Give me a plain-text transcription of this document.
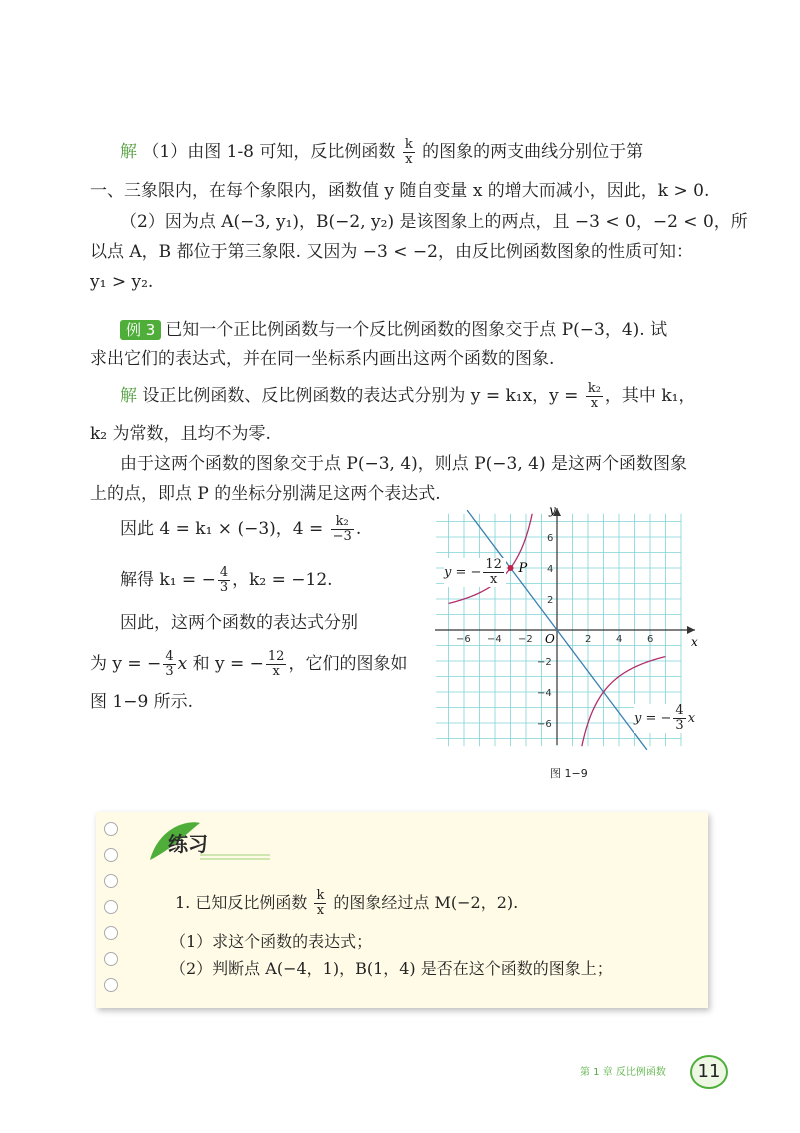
解 （1）由图 1-8 可知，反比例函数 $\frac{k}{x}$ 的图象的两支曲线分别位于第
一、三象限内，在每个象限内，函数值 y 随自变量 x 的增大而减小，因此，k > 0.
（2）因为点 A(−3, y₁)，B(−2, y₂) 是该图象上的两点，且 −3 < 0，−2 < 0，所
以点 A，B 都位于第三象限. 又因为 −3 < −2，由反比例函数图象的性质可知：
y₁ > y₂.
例 3 已知一个正比例函数与一个反比例函数的图象交于点 P(−3，4). 试
求出它们的表达式，并在同一坐标系内画出这两个函数的图象.
解 设正比例函数、反比例函数的表达式分别为 y = k₁x，$y = \frac{\text{k₂}}{x}$ ，其中 k₁，
k₂ 为常数，且均不为零.
由于这两个函数的图象交于点 P(−3, 4)，则点 P(−3, 4) 是这两个函数图象
上的点，即点 P 的坐标分别满足这两个表达式.
因此 4 = k₁ × (−3)，$4 = \frac{\text{k₂}}{-3}$ .
解得 k₁ = − $\frac{4}{3}$ ，k₂ = −12.
因此，这两个函数的表达式分别
为 y = − $\frac{4}{3}$ x 和 y = − $\frac{12}{x}$ ，它们的图象如
图 1−9 所示.
−6 −4 −2	2 4 6
6
4
2
−2
−4
−6
x
y
O
P
y = − $\frac{12}{x}$
y = − $\frac{4}{3}$ x
图 1−9
练习
1. 已知反比例函数 $\frac{k}{x}$ 的图象经过点 M(−2，2).
（1）求这个函数的表达式；
（2）判断点 A(−4，1)，B(1，4) 是否在这个函数的图象上；
第 1 章 反比例函数	11
